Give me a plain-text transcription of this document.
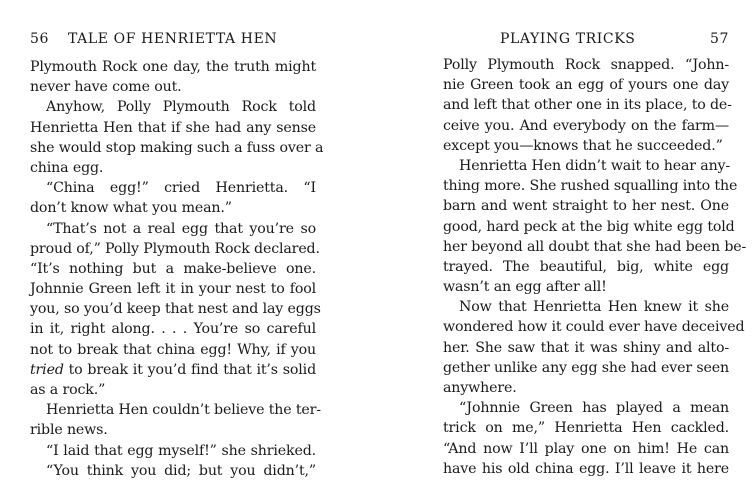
56 TALE OF HENRIETTA HEN
Plymouth Rock one day, the truth might
never have come out.
Anyhow, Polly Plymouth Rock told
Henrietta Hen that if she had any sense
she would stop making such a fuss over a
china egg.
“China egg!” cried Henrietta. “I
don’t know what you mean.”
“That’s not a real egg that you’re so
proud of,” Polly Plymouth Rock declared.
“It’s nothing but a make-believe one.
Johnnie Green left it in your nest to fool
you, so you’d keep that nest and lay eggs
in it, right along. . . . You’re so careful
not to break that china egg! Why, if you
tried to break it you’d find that it’s solid
as a rock.”
Henrietta Hen couldn’t believe the ter-
rible news.
“I laid that egg myself!” she shrieked.
“You think you did; but you didn’t,”
PLAYING TRICKS	57
Polly Plymouth Rock snapped. “John-
nie Green took an egg of yours one day
and left that other one in its place, to de-
ceive you. And everybody on the farm—
except you—knows that he succeeded.”
Henrietta Hen didn’t wait to hear any-
thing more. She rushed squalling into the
barn and went straight to her nest. One
good, hard peck at the big white egg told
her beyond all doubt that she had been be-
trayed. The beautiful, big, white egg
wasn’t an egg after all!
Now that Henrietta Hen knew it she
wondered how it could ever have deceived
her. She saw that it was shiny and alto-
gether unlike any egg she had ever seen
anywhere.
“Johnnie Green has played a mean
trick on me,” Henrietta Hen cackled.
“And now I’ll play one on him! He can
have his old china egg. I’ll leave it here
